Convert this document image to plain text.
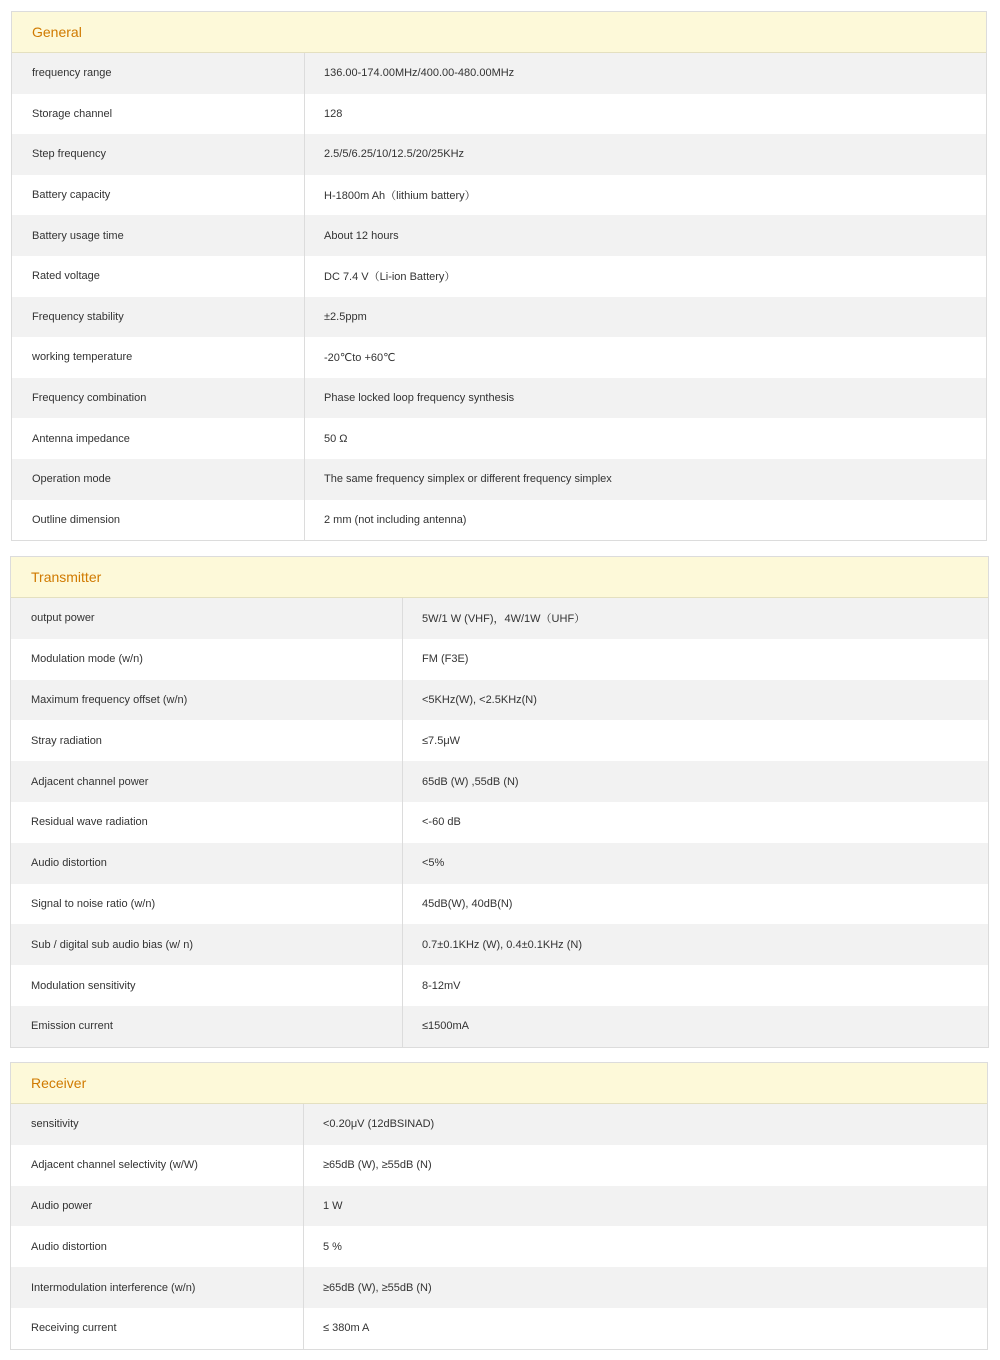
General
frequency range	136.00-174.00MHz/400.00-480.00MHz
Storage channel	128
Step frequency	2.5/5/6.25/10/12.5/20/25KHz
Battery capacity	H-1800m Ah（lithium battery）
Battery usage time	About 12 hours
Rated voltage	DC 7.4 V（Li-ion Battery）
Frequency stability	±2.5ppm
working temperature	-20℃to +60℃
Frequency combination	Phase locked loop frequency synthesis
Antenna impedance	50 Ω
Operation mode	The same frequency simplex or different frequency simplex
Outline dimension	2 mm (not including antenna)
Transmitter
output power	5W/1 W (VHF)，4W/1W（UHF）
Modulation mode (w/n)	FM (F3E)
Maximum frequency offset (w/n)	<5KHz(W), <2.5KHz(N)
Stray radiation	≤7.5μW
Adjacent channel power	65dB (W) ,55dB (N)
Residual wave radiation	<-60 dB
Audio distortion	<5%
Signal to noise ratio (w/n)	45dB(W), 40dB(N)
Sub / digital sub audio bias (w/ n)	0.7±0.1KHz (W), 0.4±0.1KHz (N)
Modulation sensitivity	8-12mV
Emission current	≤1500mA
Receiver
sensitivity	<0.20μV (12dBSINAD)
Adjacent channel selectivity (w/W)	≥65dB (W), ≥55dB (N)
Audio power	1 W
Audio distortion	5 %
Intermodulation interference (w/n)	≥65dB (W), ≥55dB (N)
Receiving current	≤ 380m A
